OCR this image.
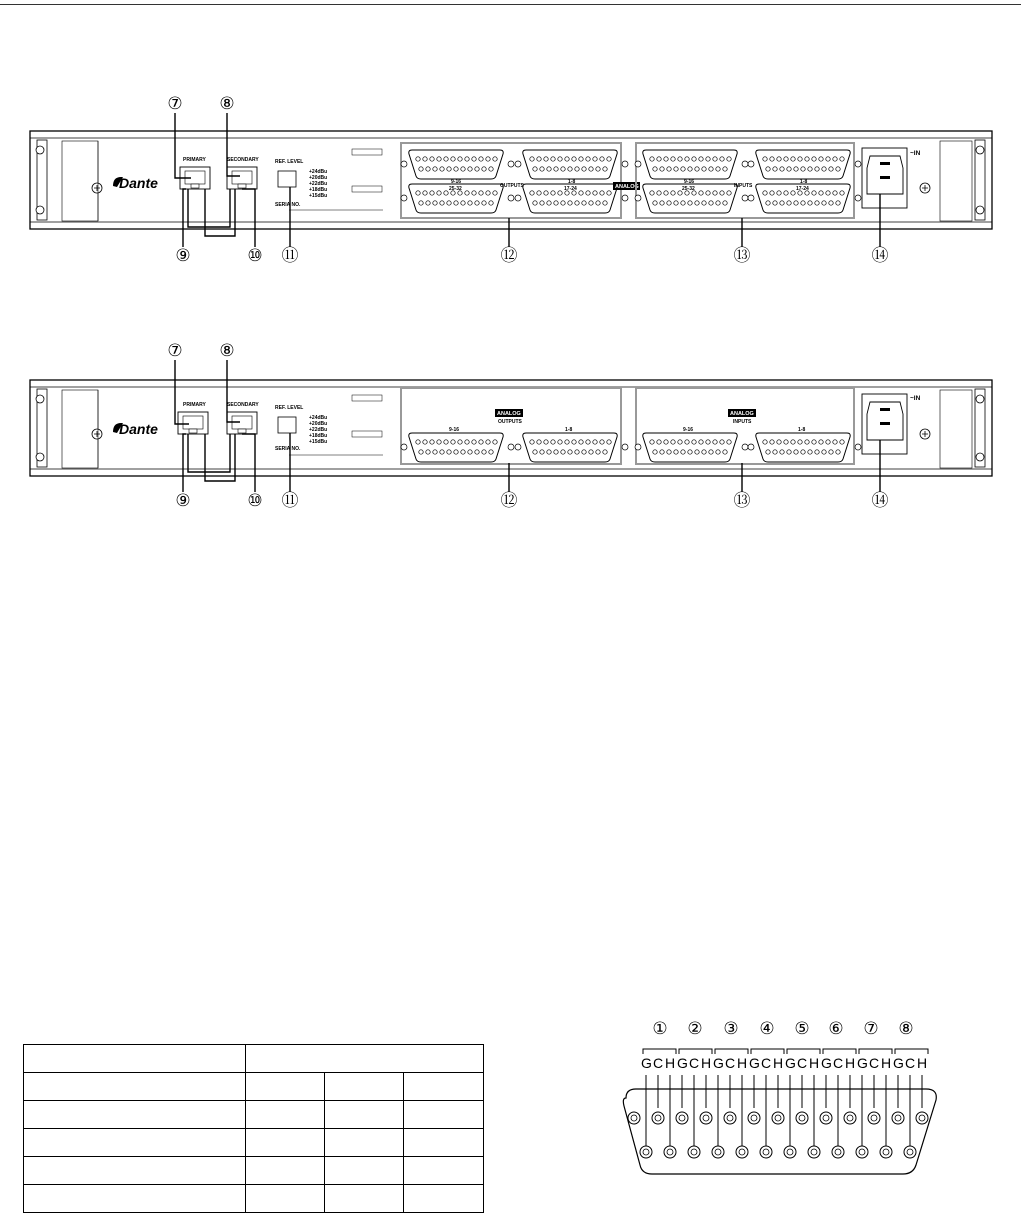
Dante
PRIMARY	SECONDARY	REF. LEVEL
+24dBu
+20dBu
+22dBu
+18dBu
+15dBu
SERIA NO.
9-16	1-8
25-32	17-24
OUTPUTS	ANALOG
9-16	1-8
25-32	17-24
INPUTS
~IN
⑦ ⑧
⑨	⑩ ⑪	⑫	⑬	⑭
Dante
PRIMARY	SECONDARY	REF. LEVEL
+24dBu
+20dBu
+22dBu
+18dBu
+15dBu
SERIA NO.
ANALOG
OUTPUTS
9-16	1-8
ANALOG
INPUTS
9-16	1-8
~IN
⑦ ⑧
⑨	⑩ ⑪	⑫	⑬	⑭
① ② ③ ④ ⑤ ⑥ ⑦ ⑧
G C H G C H G C H G C H G C H G C H G C H G C H
